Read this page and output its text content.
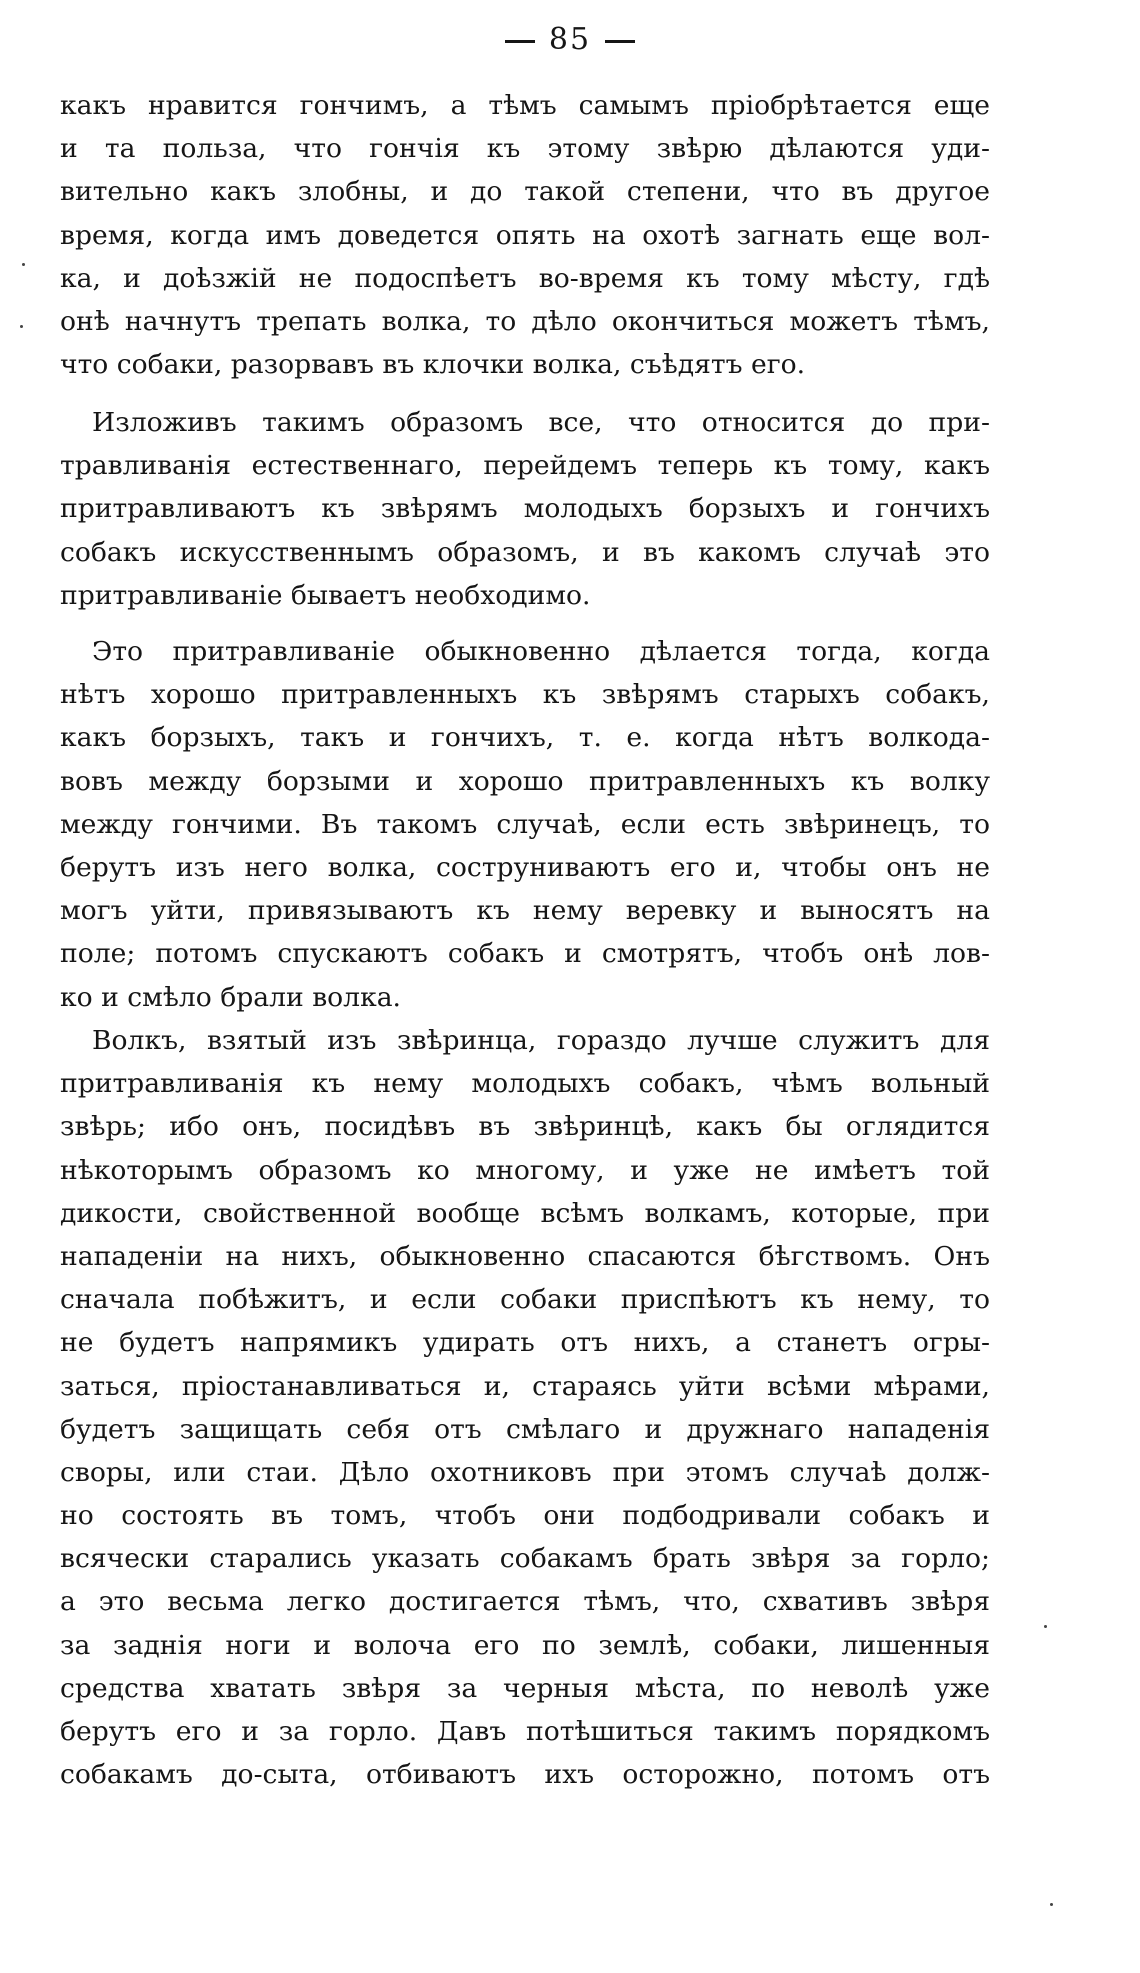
85
какъ нравится гончимъ, а тѣмъ самымъ пріобрѣтается еще
и та польза, что гончія къ этому звѣрю дѣлаются уди-
вительно какъ злобны, и до такой степени, что въ другое
время, когда имъ доведется опять на охотѣ загнать еще вол-
ка, и доѣзжій не подоспѣетъ во-время къ тому мѣсту, гдѣ
онѣ начнутъ трепать волка, то дѣло окончиться можетъ тѣмъ,
что собаки, разорвавъ въ клочки волка, съѣдятъ его.
Изложивъ такимъ образомъ все, что относится до при-
травливанія естественнаго, перейдемъ теперь къ тому, какъ
притравливаютъ къ звѣрямъ молодыхъ борзыхъ и гончихъ
собакъ искусственнымъ образомъ, и въ какомъ случаѣ это
притравливаніе бываетъ необходимо.
Это притравливаніе обыкновенно дѣлается тогда, когда
нѣтъ хорошо притравленныхъ къ звѣрямъ старыхъ собакъ,
какъ борзыхъ, такъ и гончихъ, т. е. когда нѣтъ волкода-
вовъ между борзыми и хорошо притравленныхъ къ волку
между гончими. Въ такомъ случаѣ, если есть звѣринецъ, то
берутъ изъ него волка, соструниваютъ его и, чтобы онъ не
могъ уйти, привязываютъ къ нему веревку и выносятъ на
поле; потомъ спускаютъ собакъ и смотрятъ, чтобъ онѣ лов-
ко и смѣло брали волка.
Волкъ, взятый изъ звѣринца, гораздо лучше служитъ для
притравливанія къ нему молодыхъ собакъ, чѣмъ вольный
звѣрь; ибо онъ, посидѣвъ въ звѣринцѣ, какъ бы оглядится
нѣкоторымъ образомъ ко многому, и уже не имѣетъ той
дикости, свойственной вообще всѣмъ волкамъ, которые, при
нападеніи на нихъ, обыкновенно спасаются бѣгствомъ. Онъ
сначала побѣжитъ, и если собаки приспѣютъ къ нему, то
не будетъ напрямикъ удирать отъ нихъ, а станетъ огры-
заться, пріостанавливаться и, стараясь уйти всѣми мѣрами,
будетъ защищать себя отъ смѣлаго и дружнаго нападенія
своры, или стаи. Дѣло охотниковъ при этомъ случаѣ долж-
но состоять въ томъ, чтобъ они подбодривали собакъ и
всячески старались указать собакамъ брать звѣря за горло;
а это весьма легко достигается тѣмъ, что, схвативъ звѣря
за заднія ноги и волоча его по землѣ, собаки, лишенныя
средства хватать звѣря за черныя мѣста, по неволѣ уже
берутъ его и за горло. Давъ потѣшиться такимъ порядкомъ
собакамъ до-сыта, отбиваютъ ихъ осторожно, потомъ отъ
